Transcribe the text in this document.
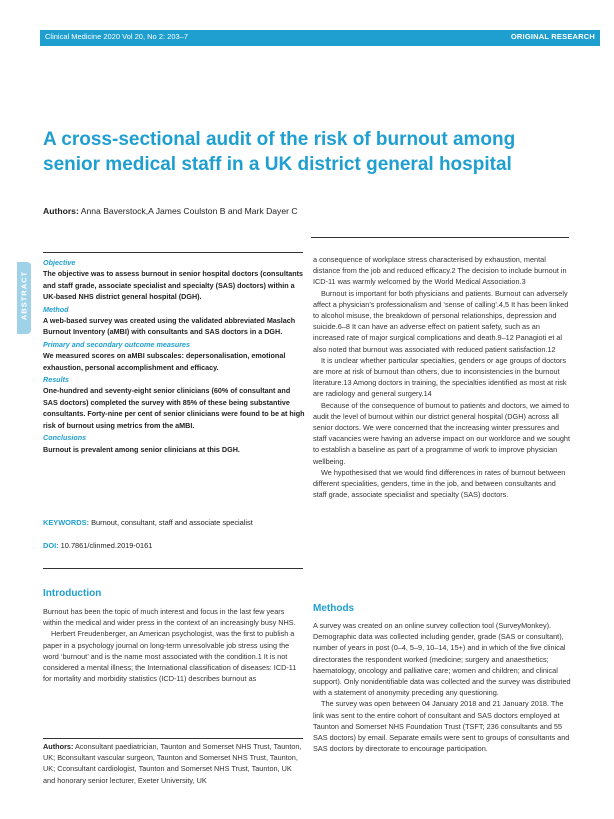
Clinical Medicine 2020 Vol 20, No 2: 203–7	ORIGINAL RESEARCH
A cross-sectional audit of the risk of burnout among senior medical staff in a UK district general hospital
Authors: Anna Baverstock,A James Coulston B and Mark Dayer C
ABSTRACT
Objective
The objective was to assess burnout in senior hospital doctors (consultants and staff grade, associate specialist and specialty (SAS) doctors) within a UK-based NHS district general hospital (DGH).
Method
A web-based survey was created using the validated abbreviated Maslach Burnout Inventory (aMBI) with consultants and SAS doctors in a DGH.
Primary and secondary outcome measures
We measured scores on aMBI subscales: depersonalisation, emotional exhaustion, personal accomplishment and efficacy.
Results
One-hundred and seventy-eight senior clinicians (60% of consultant and SAS doctors) completed the survey with 85% of these being substantive consultants. Forty-nine per cent of senior clinicians were found to be at high risk of burnout using metrics from the aMBI.
Conclusions
Burnout is prevalent among senior clinicians at this DGH.
KEYWORDS: Burnout, consultant, staff and associate specialist
DOI: 10.7861/clinmed.2019-0161
Introduction

Burnout has been the topic of much interest and focus in the last few years within the medical and wider press in the context of an increasingly busy NHS.

Herbert Freudenberger, an American psychologist, was the first to publish a paper in a psychology journal on long-term unresolvable job stress using the word ‘burnout’ and is the name most associated with the condition.1 It is not considered a mental illness; the International classification of diseases: ICD-11 for mortality and morbidity statistics (ICD-11) describes burnout as

Authors: Aconsultant paediatrician, Taunton and Somerset NHS Trust, Taunton, UK; Bconsultant vascular surgeon, Taunton and Somerset NHS Trust, Taunton, UK; Cconsultant cardiologist, Taunton and Somerset NHS Trust, Taunton, UK and honorary senior lecturer, Exeter University, UK

a consequence of workplace stress characterised by exhaustion, mental distance from the job and reduced efficacy.2 The decision to include burnout in ICD-11 was warmly welcomed by the World Medical Association.3

Burnout is important for both physicians and patients. Burnout can adversely affect a physician’s professionalism and ‘sense of calling’.4,5 It has been linked to alcohol misuse, the breakdown of personal relationships, depression and suicide.6–8 It can have an adverse effect on patient safety, such as an increased rate of major surgical complications and death.9–12 Panagioti et al also noted that burnout was associated with reduced patient satisfaction.12

It is unclear whether particular specialties, genders or age groups of doctors are more at risk of burnout than others, due to inconsistencies in the burnout literature.13 Among doctors in training, the specialties identified as most at risk are radiology and general surgery.14

Because of the consequence of burnout to patients and doctors, we aimed to audit the level of burnout within our district general hospital (DGH) across all senior doctors. We were concerned that the increasing winter pressures and staff vacancies were having an adverse impact on our workforce and we sought to establish a baseline as part of a programme of work to improve physician wellbeing.

We hypothesised that we would find differences in rates of burnout between different specialities, genders, time in the job, and between consultants and staff grade, associate specialist and specialty (SAS) doctors.

Methods

A survey was created on an online survey collection tool (SurveyMonkey). Demographic data was collected including gender, grade (SAS or consultant), number of years in post (0–4, 5–9, 10–14, 15+) and in which of the five clinical directorates the respondent worked (medicine; surgery and anaesthetics; haematology, oncology and palliative care; women and children; and clinical support). Only nonidentifiable data was collected and the survey was distributed with a statement of anonymity preceding any questioning.

The survey was open between 04 January 2018 and 21 January 2018. The link was sent to the entire cohort of consultant and SAS doctors employed at Taunton and Somerset NHS Foundation Trust (TSFT; 236 consultants and 55 SAS doctors) by email. Separate emails were sent to groups of consultants and SAS doctors by directorate to encourage participation.
